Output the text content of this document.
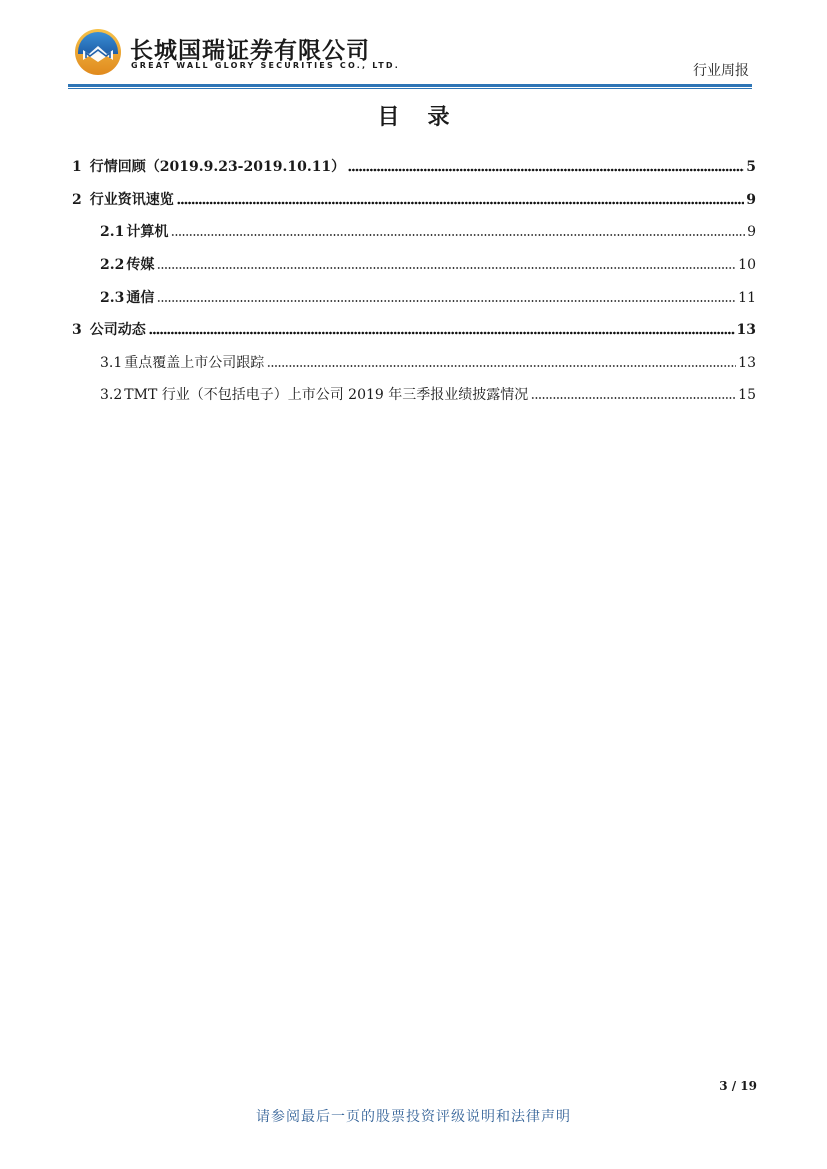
长城国瑞证券有限公司
GREAT WALL GLORY SECURITIES CO., LTD.	行业周报
目录
1 行情回顾（2019.9.23-2019.10.11）	5
2 行业资讯速览	9
2.1 计算机	9
2.2 传媒	10
2.3 通信	11
3 公司动态	13
3.1 重点覆盖上市公司跟踪	13
3.2 TMT 行业（不包括电子）上市公司 2019 年三季报业绩披露情况	15
3 / 19
请参阅最后一页的股票投资评级说明和法律声明
